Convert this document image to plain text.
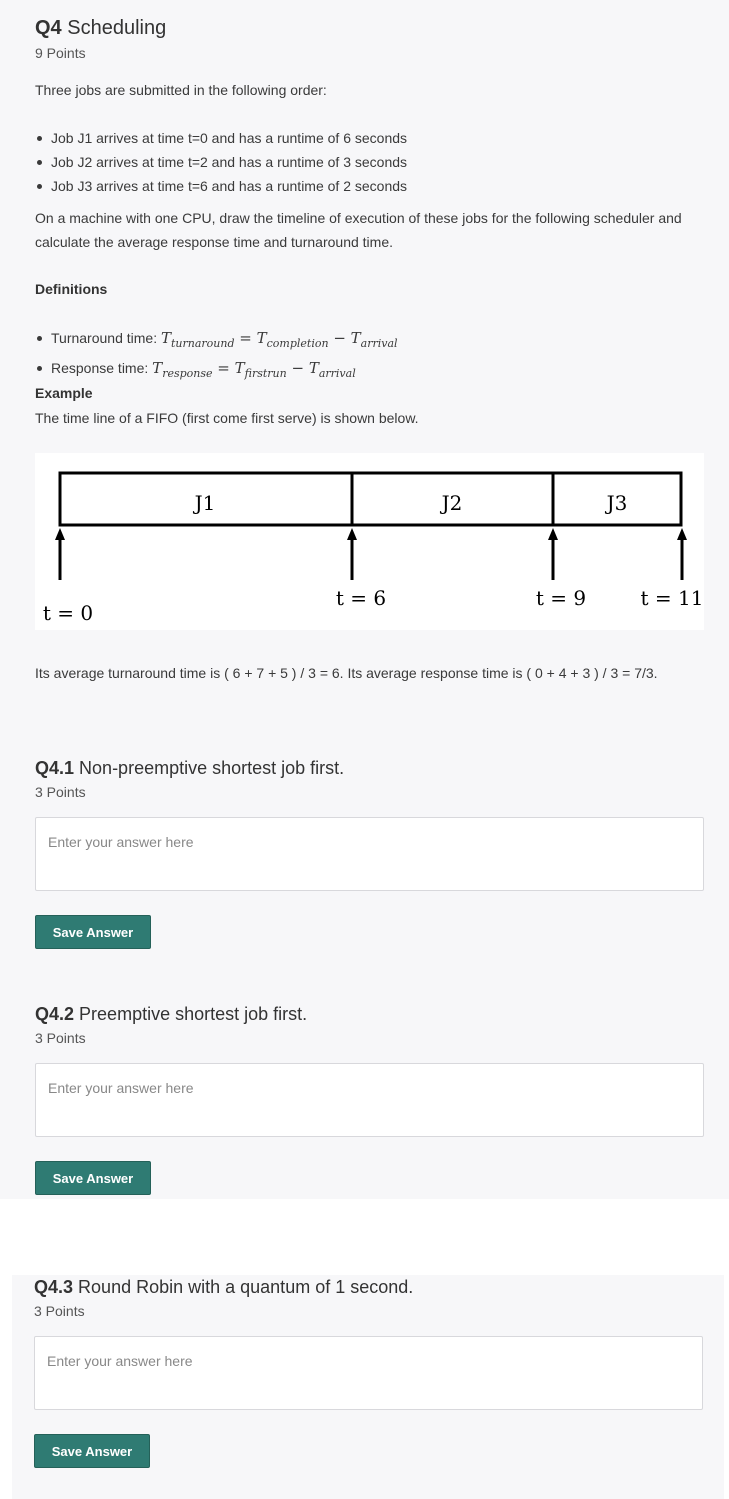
Q4 Scheduling
9 Points
Three jobs are submitted in the following order:
Job J1 arrives at time t=0 and has a runtime of 6 seconds
Job J2 arrives at time t=2 and has a runtime of 3 seconds
Job J3 arrives at time t=6 and has a runtime of 2 seconds
On a machine with one CPU, draw the timeline of execution of these jobs for the following scheduler and calculate the average response time and turnaround time.
Definitions
Turnaround time: $T_{turnaround} = T_{completion} - T_{arrival}$
Response time: $T_{response} = T_{firstrun} - T_{arrival}$
Example
The time line of a FIFO (first come first serve) is shown below.
J1	J2	J3
t = 0
t = 6	t = 9	t = 11
Its average turnaround time is ( 6 + 7 + 5 ) / 3 = 6. Its average response time is ( 0 + 4 + 3 ) / 3 = 7/3.
Q4.1 Non-preemptive shortest job first.
3 Points
Enter your answer here
Save Answer
Q4.2 Preemptive shortest job first.
3 Points
Enter your answer here
Save Answer
Q4.3 Round Robin with a quantum of 1 second.
3 Points
Enter your answer here
Save Answer
